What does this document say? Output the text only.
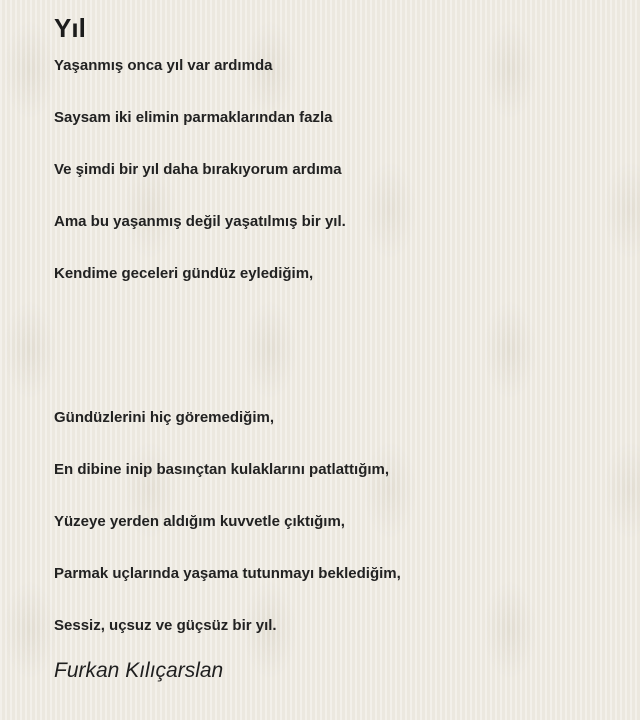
Yıl
Yaşanmış onca yıl var ardımda
Saysam iki elimin parmaklarından fazla
Ve şimdi bir yıl daha bırakıyorum ardıma
Ama bu yaşanmış değil yaşatılmış bir yıl.
Kendime geceleri gündüz eylediğim,
Gündüzlerini hiç göremediğim,
En dibine inip basınçtan kulaklarını patlattığım,
Yüzeye yerden aldığım kuvvetle çıktığım,
Parmak uçlarında yaşama tutunmayı beklediğim,
Sessiz, uçsuz ve güçsüz bir yıl.
Furkan Kılıçarslan
